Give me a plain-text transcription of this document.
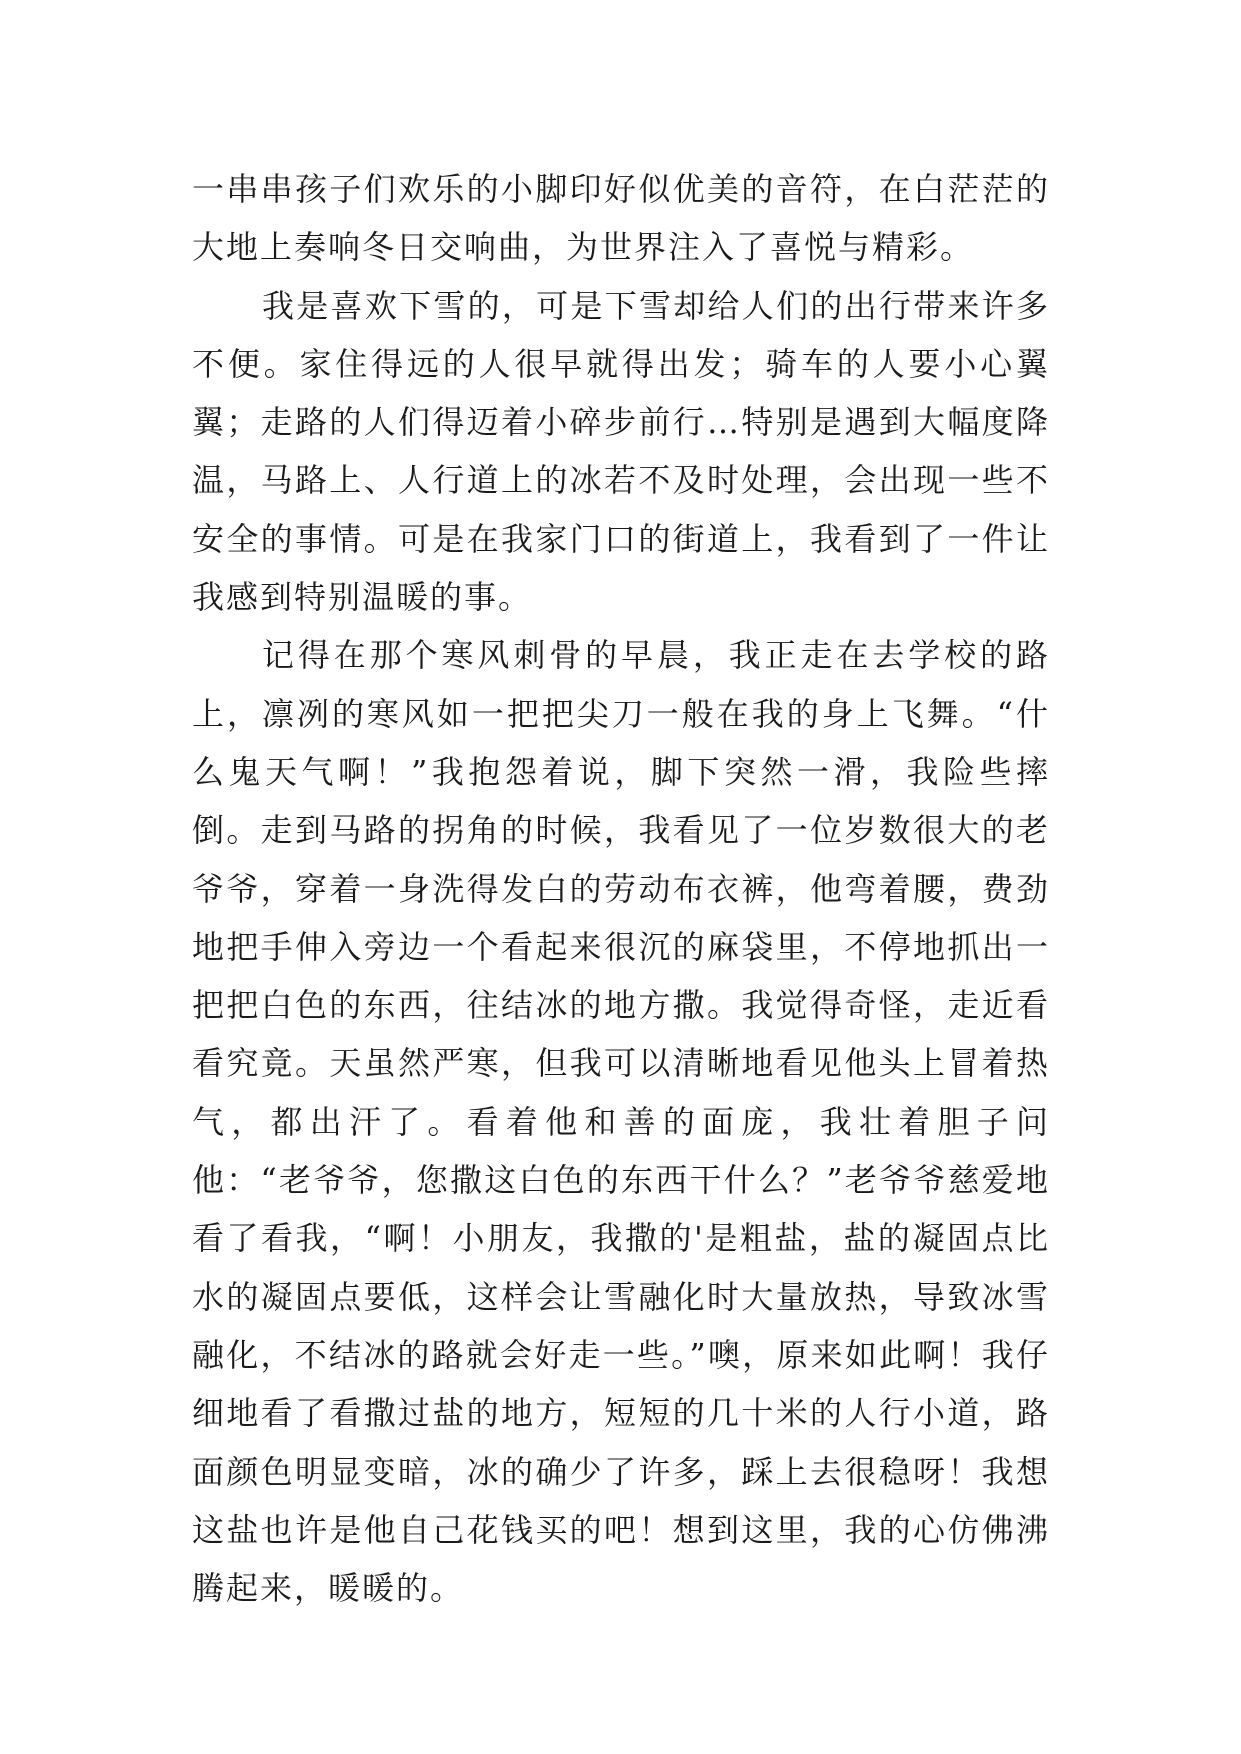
一串串孩子们欢乐的小脚印好似优美的音符，在白茫茫的大地上奏响冬日交响曲，为世界注入了喜悦与精彩。

我是喜欢下雪的，可是下雪却给人们的出行带来许多不便。家住得远的人很早就得出发；骑车的人要小心翼翼；走路的人们得迈着小碎步前行…特别是遇到大幅度降温，马路上、人行道上的冰若不及时处理，会出现一些不安全的事情。可是在我家门口的街道上，我看到了一件让我感到特别温暖的事。

记得在那个寒风刺骨的早晨，我正走在去学校的路上，凛冽的寒风如一把把尖刀一般在我的身上飞舞。“什么鬼天气啊！”我抱怨着说，脚下突然一滑，我险些摔倒。走到马路的拐角的时候，我看见了一位岁数很大的老爷爷，穿着一身洗得发白的劳动布衣裤，他弯着腰，费劲地把手伸入旁边一个看起来很沉的麻袋里，不停地抓出一把把白色的东西，往结冰的地方撒。我觉得奇怪，走近看看究竟。天虽然严寒，但我可以清晰地看见他头上冒着热气，都出汗了。看着他和善的面庞，我壮着胆子问他：“老爷爷，您撒这白色的东西干什么？”老爷爷慈爱地看了看我，“啊！小朋友，我撒的'是粗盐，盐的凝固点比水的凝固点要低，这样会让雪融化时大量放热，导致冰雪融化，不结冰的路就会好走一些。”噢，原来如此啊！我仔细地看了看撒过盐的地方，短短的几十米的人行小道，路面颜色明显变暗，冰的确少了许多，踩上去很稳呀！我想这盐也许是他自己花钱买的吧！想到这里，我的心仿佛沸腾起来，暖暖的。
